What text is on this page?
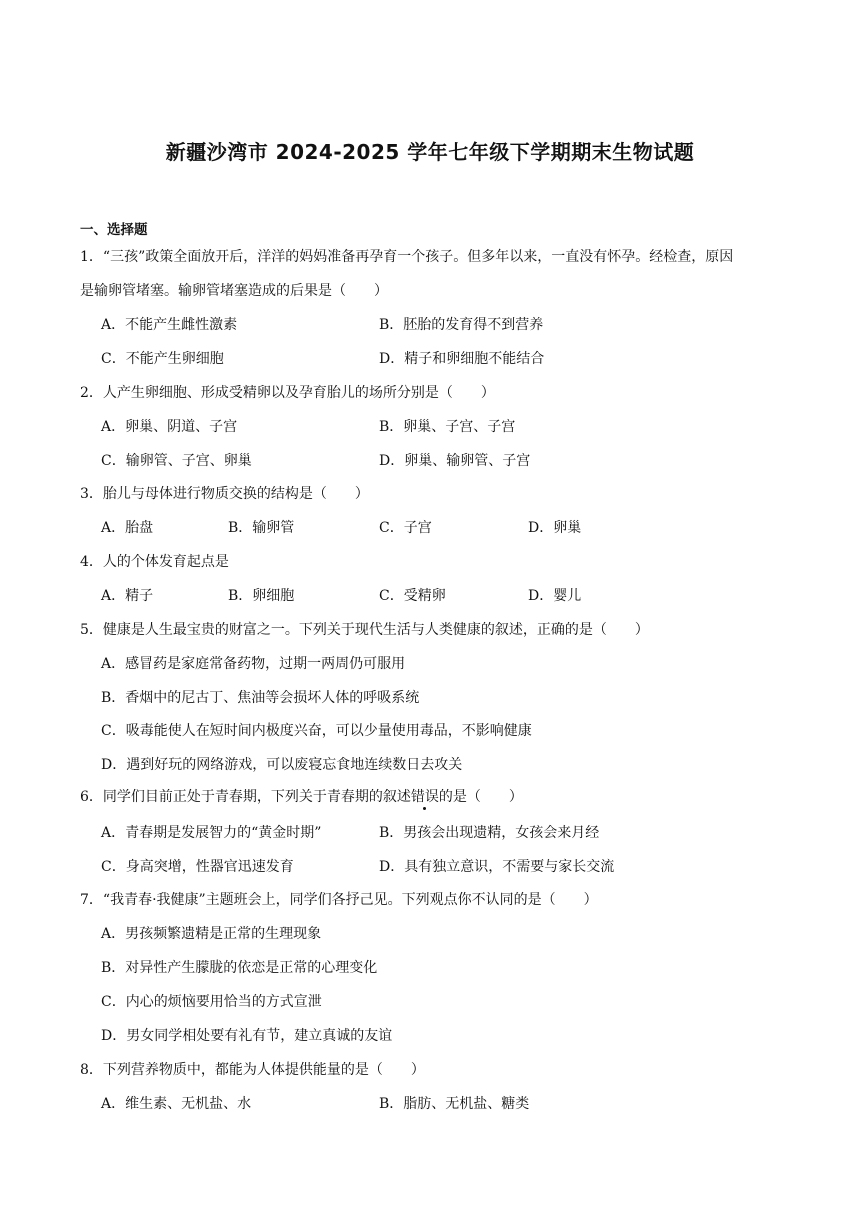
新疆沙湾市 2024-2025 学年七年级下学期期末生物试题
一、选择题
1．“三孩”政策全面放开后，洋洋的妈妈准备再孕育一个孩子。但多年以来，一直没有怀孕。经检查，原因
是输卵管堵塞。输卵管堵塞造成的后果是（　　）
A．不能产生雌性激素	B．胚胎的发育得不到营养
C．不能产生卵细胞	D．精子和卵细胞不能结合
2．人产生卵细胞、形成受精卵以及孕育胎儿的场所分别是（　　）
A．卵巢、阴道、子宫	B．卵巢、子宫、子宫
C．输卵管、子宫、卵巢	D．卵巢、输卵管、子宫
3．胎儿与母体进行物质交换的结构是（　　）
A．胎盘	B．输卵管	C．子宫	D．卵巢
4．人的个体发育起点是
A．精子	B．卵细胞	C．受精卵	D．婴儿
5．健康是人生最宝贵的财富之一。下列关于现代生活与人类健康的叙述，正确的是（　　）
A．感冒药是家庭常备药物，过期一两周仍可服用
B．香烟中的尼古丁、焦油等会损坏人体的呼吸系统
C．吸毒能使人在短时间内极度兴奋，可以少量使用毒品，不影响健康
D．遇到好玩的网络游戏，可以废寝忘食地连续数日去攻关
6．同学们目前正处于青春期，下列关于青春期的叙述错误的是（　　）
A．青春期是发展智力的“黄金时期”	B．男孩会出现遗精，女孩会来月经
C．身高突增，性器官迅速发育	D．具有独立意识，不需要与家长交流
7．“我青春·我健康”主题班会上，同学们各抒己见。下列观点你不认同的是（　　）
A．男孩频繁遗精是正常的生理现象
B．对异性产生朦胧的依恋是正常的心理变化
C．内心的烦恼要用恰当的方式宣泄
D．男女同学相处要有礼有节，建立真诚的友谊
8．下列营养物质中，都能为人体提供能量的是（　　）
A．维生素、无机盐、水	B．脂肪、无机盐、糖类
